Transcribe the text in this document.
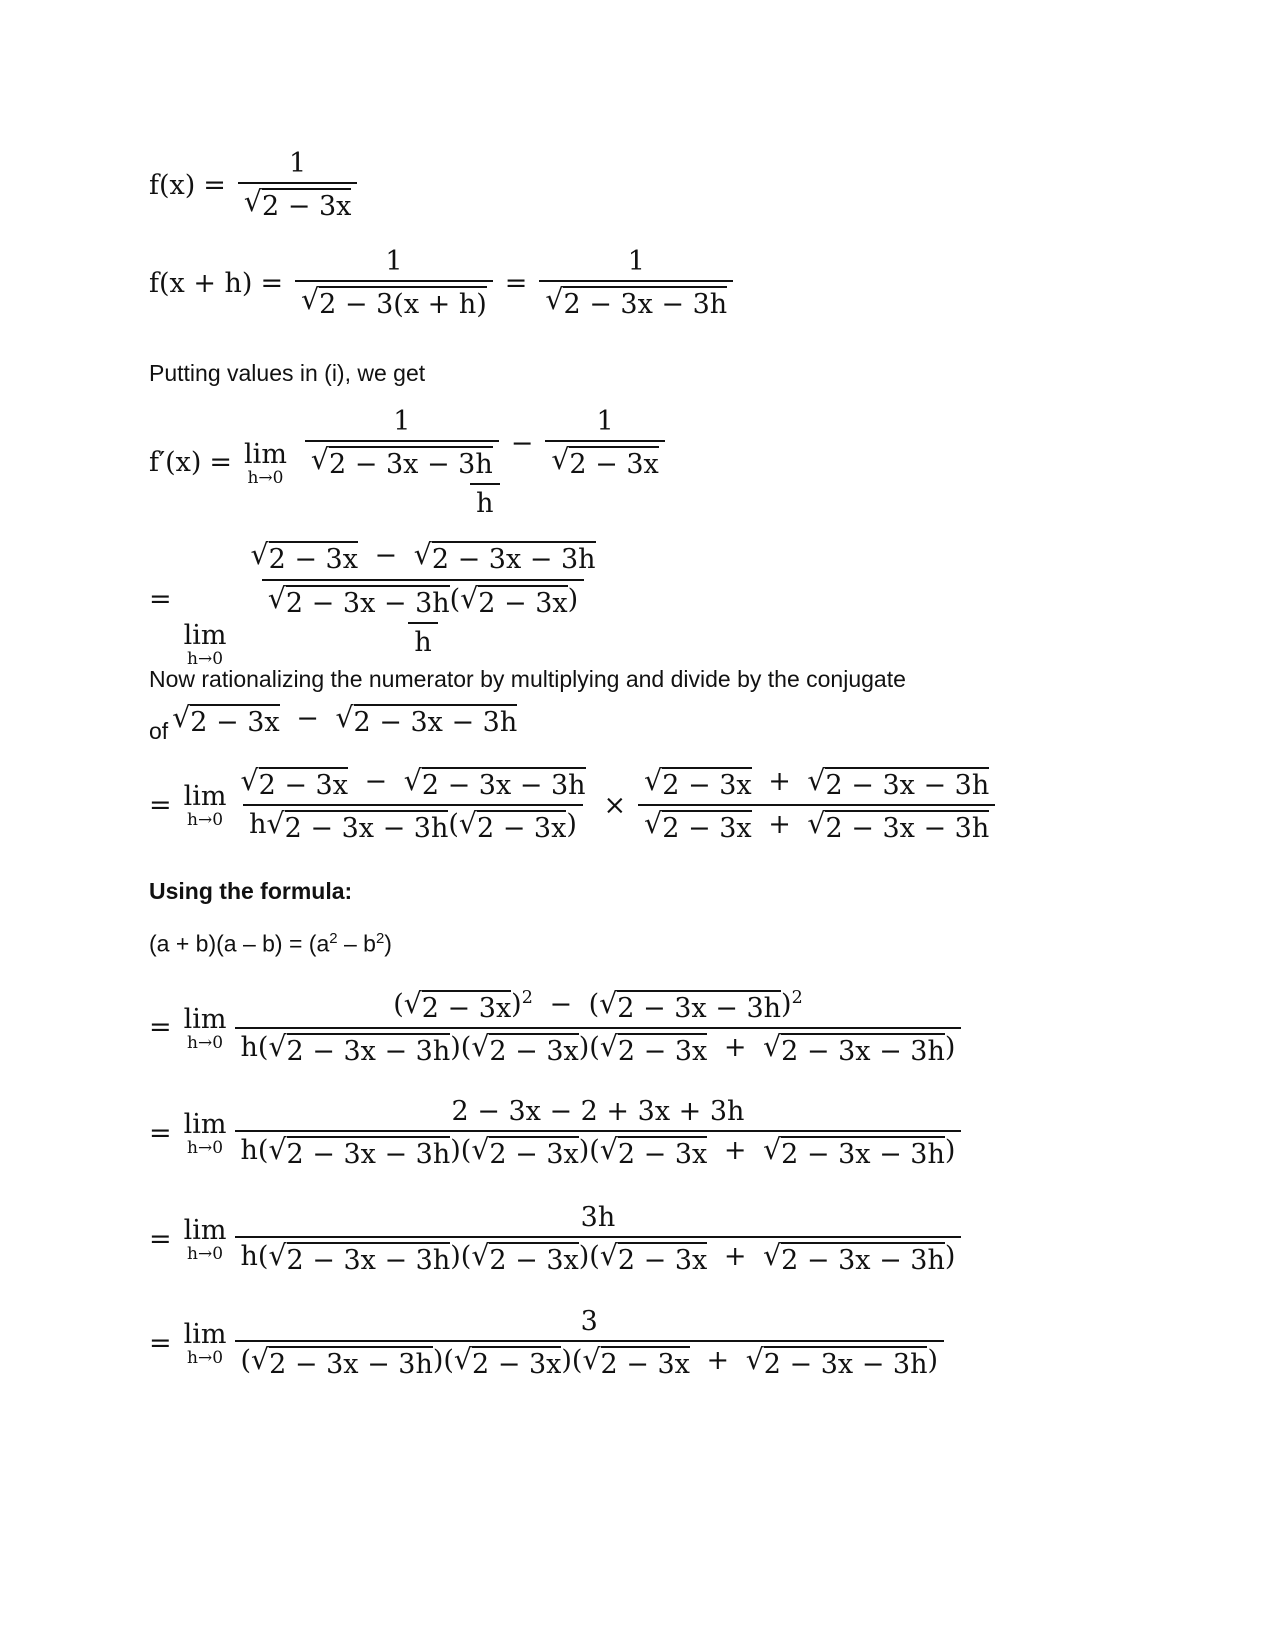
$f(x) = \frac{1}{√ 2 - 3x}$
$f(x + h) = \frac{1}{√ 2 - 3(x + h)} = \frac{1}{√ 2 - 3x - 3h}$
Putting values in (i), we get
f′(x) = lim
$h\to 0 \frac{\frac{1}{√ 2 - 3x - 3h} - \frac{1}{√ 2 - 3x}}{h}$
=
lim
h→0
$\frac{\frac{√ 2 - 3x - √ 2 - 3x - 3h}{√ 2 - 3x - 3h ( √ 2 - 3x )}}{h}$
Now rationalizing the numerator by multiplying and divide by the conjugate
of √ 2 − 3x − √ 2 − 3x − 3h
= lim
$h\to 0 \frac{√ 2 - 3x - √ 2 - 3x - 3h}{h √ 2 - 3x - 3h ( √ 2 - 3x )} \times \frac{√ 2 - 3x + √ 2 - 3x - 3h}{√ 2 - 3x + √ 2 - 3x - 3h}$
Using the formula:
$(a + b)(a - b) = (a^2 - b^2)$
= lim
$h\to 0 \frac{( √ 2 - 3x )^2 - ( √ 2 - 3x - 3h )^2}{h( √ 2 - 3x - 3h )( √ 2 - 3x )( √ 2 - 3x + √ 2 - 3x - 3h )}$
= lim
$h\to 0 \frac{2 - 3x - 2 + 3x + 3h}{h( √ 2 - 3x - 3h )( √ 2 - 3x )( √ 2 - 3x + √ 2 - 3x - 3h )}$
= lim
$h\to 0 \frac{3h}{h( √ 2 - 3x - 3h )( √ 2 - 3x )( √ 2 - 3x + √ 2 - 3x - 3h )}$
= lim
$h\to 0 \frac{3}{( √ 2 - 3x - 3h )( √ 2 - 3x )( √ 2 - 3x + √ 2 - 3x - 3h )}$
